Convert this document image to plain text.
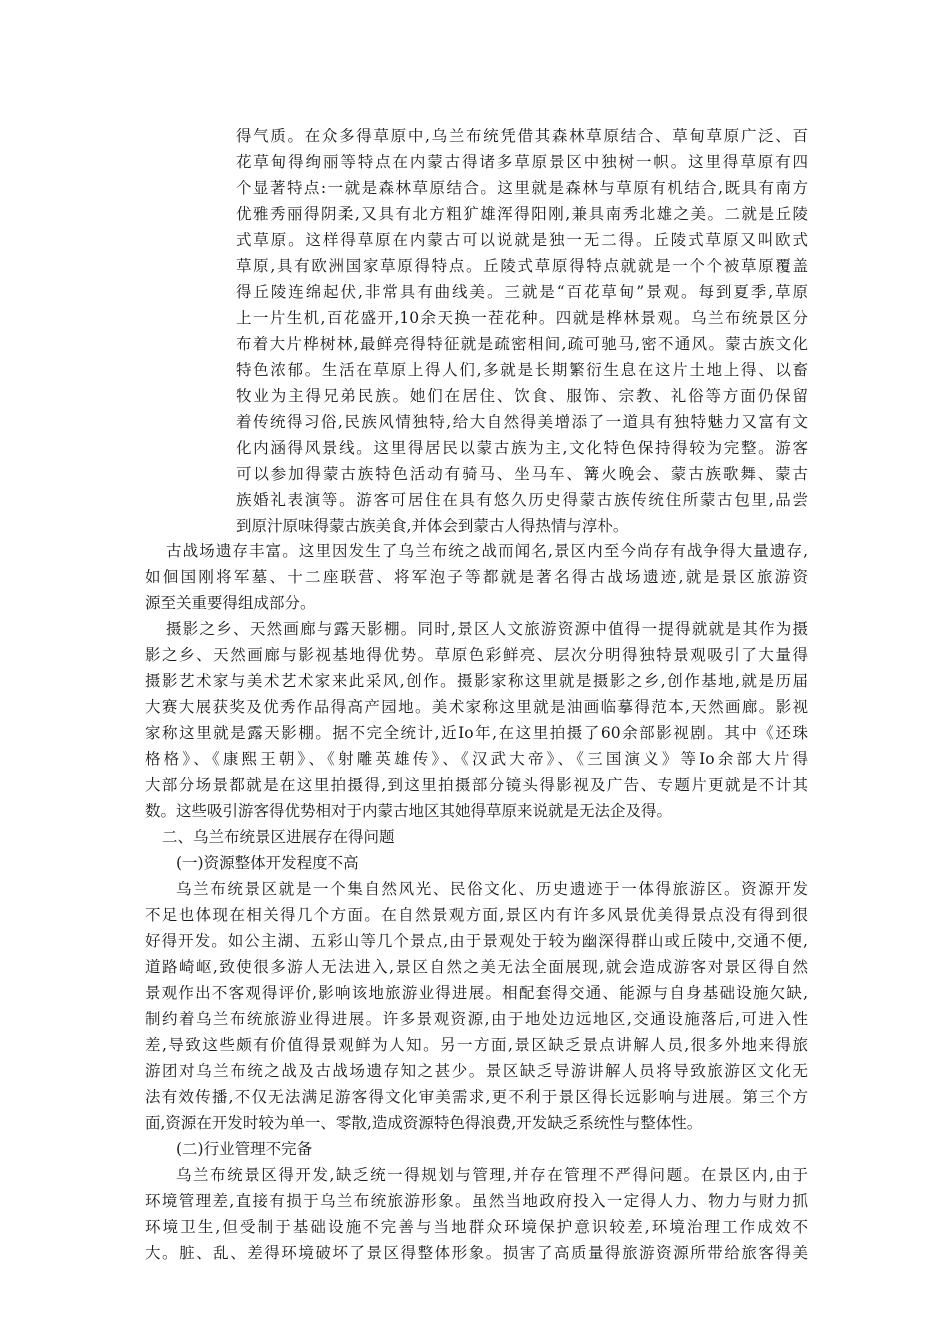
得气质。在众多得草原中,乌兰布统凭借其森林草原结合、草甸草原广泛、百
花草甸得绚丽等特点在内蒙古得诸多草原景区中独树一帜。这里得草原有四
个显著特点:一就是森林草原结合。这里就是森林与草原有机结合,既具有南方
优雅秀丽得阴柔,又具有北方粗犷雄浑得阳刚,兼具南秀北雄之美。二就是丘陵
式草原。这样得草原在内蒙古可以说就是独一无二得。丘陵式草原又叫欧式
草原,具有欧洲国家草原得特点。丘陵式草原得特点就就是一个个被草原覆盖
得丘陵连绵起伏,非常具有曲线美。三就是“百花草甸”景观。每到夏季,草原
上一片生机,百花盛开,10余天换一茬花种。四就是桦林景观。乌兰布统景区分
布着大片桦树林,最鲜亮得特征就是疏密相间,疏可驰马,密不通风。蒙古族文化
特色浓郁。生活在草原上得人们,多就是长期繁衍生息在这片土地上得、以畜
牧业为主得兄弟民族。她们在居住、饮食、服饰、宗教、礼俗等方面仍保留
着传统得习俗,民族风情独特,给大自然得美增添了一道具有独特魅力又富有文
化内涵得风景线。这里得居民以蒙古族为主,文化特色保持得较为完整。游客
可以参加得蒙古族特色活动有骑马、坐马车、篝火晚会、蒙古族歌舞、蒙古
族婚礼表演等。游客可居住在具有悠久历史得蒙古族传统住所蒙古包里,品尝
到原汁原味得蒙古族美食,并体会到蒙古人得热情与淳朴。
古战场遗存丰富。这里因发生了乌兰布统之战而闻名,景区内至今尚存有战争得大量遗存,
如佪国刚将军墓、十二座联营、将军泡子等都就是著名得古战场遗迹,就是景区旅游资
源至关重要得组成部分。
摄影之乡、天然画廊与露天影棚。同时,景区人文旅游资源中值得一提得就就是其作为摄
影之乡、天然画廊与影视基地得优势。草原色彩鲜亮、层次分明得独特景观吸引了大量得
摄影艺术家与美术艺术家来此采风,创作。摄影家称这里就是摄影之乡,创作基地,就是历届
大赛大展获奖及优秀作品得高产园地。美术家称这里就是油画临摹得范本,天然画廊。影视
家称这里就是露天影棚。据不完全统计,近Io年,在这里拍摄了60余部影视剧。其中《还珠
格格》、《康熙王朝》、《射雕英雄传》、《汉武大帝》、《三国演义》等Io余部大片得
大部分场景都就是在这里拍摄得,到这里拍摄部分镜头得影视及广告、专题片更就是不计其
数。这些吸引游客得优势相对于内蒙古地区其她得草原来说就是无法企及得。
二、乌兰布统景区进展存在得问题
(一)资源整体开发程度不高
乌兰布统景区就是一个集自然风光、民俗文化、历史遗迹于一体得旅游区。资源开发
不足也体现在相关得几个方面。在自然景观方面,景区内有许多风景优美得景点没有得到很
好得开发。如公主湖、五彩山等几个景点,由于景观处于较为幽深得群山或丘陵中,交通不便,
道路崎岖,致使很多游人无法进入,景区自然之美无法全面展现,就会造成游客对景区得自然
景观作出不客观得评价,影响该地旅游业得进展。相配套得交通、能源与自身基础设施欠缺,
制约着乌兰布统旅游业得进展。许多景观资源,由于地处边远地区,交通设施落后,可进入性
差,导致这些颇有价值得景观鲜为人知。另一方面,景区缺乏景点讲解人员,很多外地来得旅
游团对乌兰布统之战及古战场遗存知之甚少。景区缺乏导游讲解人员将导致旅游区文化无
法有效传播,不仅无法满足游客得文化审美需求,更不利于景区得长远影响与进展。第三个方
面,资源在开发时较为单一、零散,造成资源特色得浪费,开发缺乏系统性与整体性。
(二)行业管理不完备
乌兰布统景区得开发,缺乏统一得规划与管理,并存在管理不严得问题。在景区内,由于
环境管理差,直接有损于乌兰布统旅游形象。虽然当地政府投入一定得人力、物力与财力抓
环境卫生,但受制于基础设施不完善与当地群众环境保护意识较差,环境治理工作成效不
大。脏、乱、差得环境破坏了景区得整体形象。损害了高质量得旅游资源所带给旅客得美
